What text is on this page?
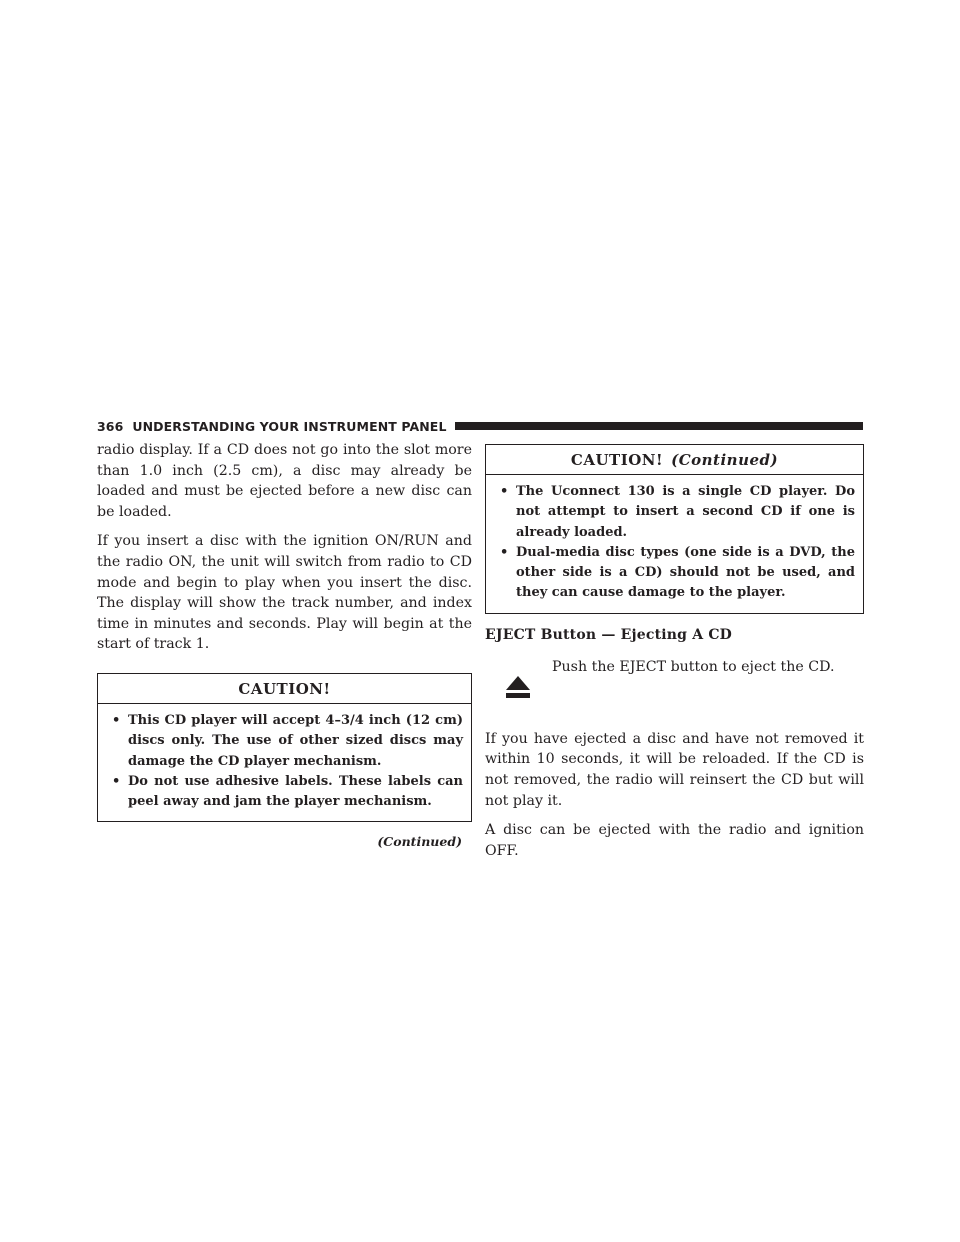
366 UNDERSTANDING YOUR INSTRUMENT PANEL

radio display. If a CD does not go into the slot more than 1.0 inch (2.5 cm), a disc may already be loaded and must be ejected before a new disc can be loaded.

If you insert a disc with the ignition ON/RUN and the radio ON, the unit will switch from radio to CD mode and begin to play when you insert the disc. The display will show the track number, and index time in minutes and seconds. Play will begin at the start of track 1.

CAUTION!
• This CD player will accept 4–3/4 inch (12 cm) discs only. The use of other sized discs may damage the CD player mechanism.
• Do not use adhesive labels. These labels can peel away and jam the player mechanism.
(Continued)
CAUTION! (Continued)
• The Uconnect 130 is a single CD player. Do not attempt to insert a second CD if one is already loaded.
• Dual-media disc types (one side is a DVD, the other side is a CD) should not be used, and they can cause damage to the player.
EJECT Button — Ejecting A CD
Push the EJECT button to eject the CD.

If you have ejected a disc and have not removed it within 10 seconds, it will be reloaded. If the CD is not removed, the radio will reinsert the CD but will not play it.

A disc can be ejected with the radio and ignition OFF.
